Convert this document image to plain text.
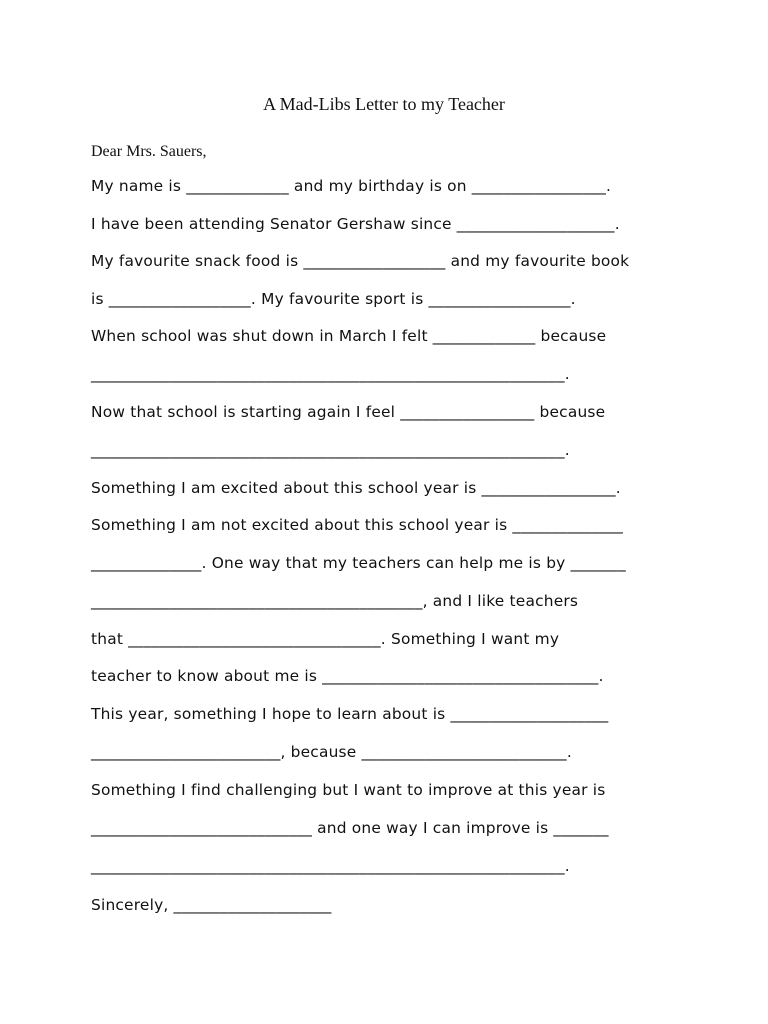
A Mad-Libs Letter to my Teacher
Dear Mrs. Sauers,
My name is _____________ and my birthday is on _________________.
I have been attending Senator Gershaw since ____________________.
My favourite snack food is __________________ and my favourite book
is __________________. My favourite sport is __________________.
When school was shut down in March I felt _____________ because
____________________________________________________________.
Now that school is starting again I feel _________________ because
____________________________________________________________.
Something I am excited about this school year is _________________.
Something I am not excited about this school year is ______________
______________. One way that my teachers can help me is by _______
__________________________________________, and I like teachers
that ________________________________. Something I want my
teacher to know about me is ___________________________________.
This year, something I hope to learn about is ____________________
________________________, because __________________________.
Something I find challenging but I want to improve at this year is
____________________________ and one way I can improve is _______
____________________________________________________________.
Sincerely, ____________________
